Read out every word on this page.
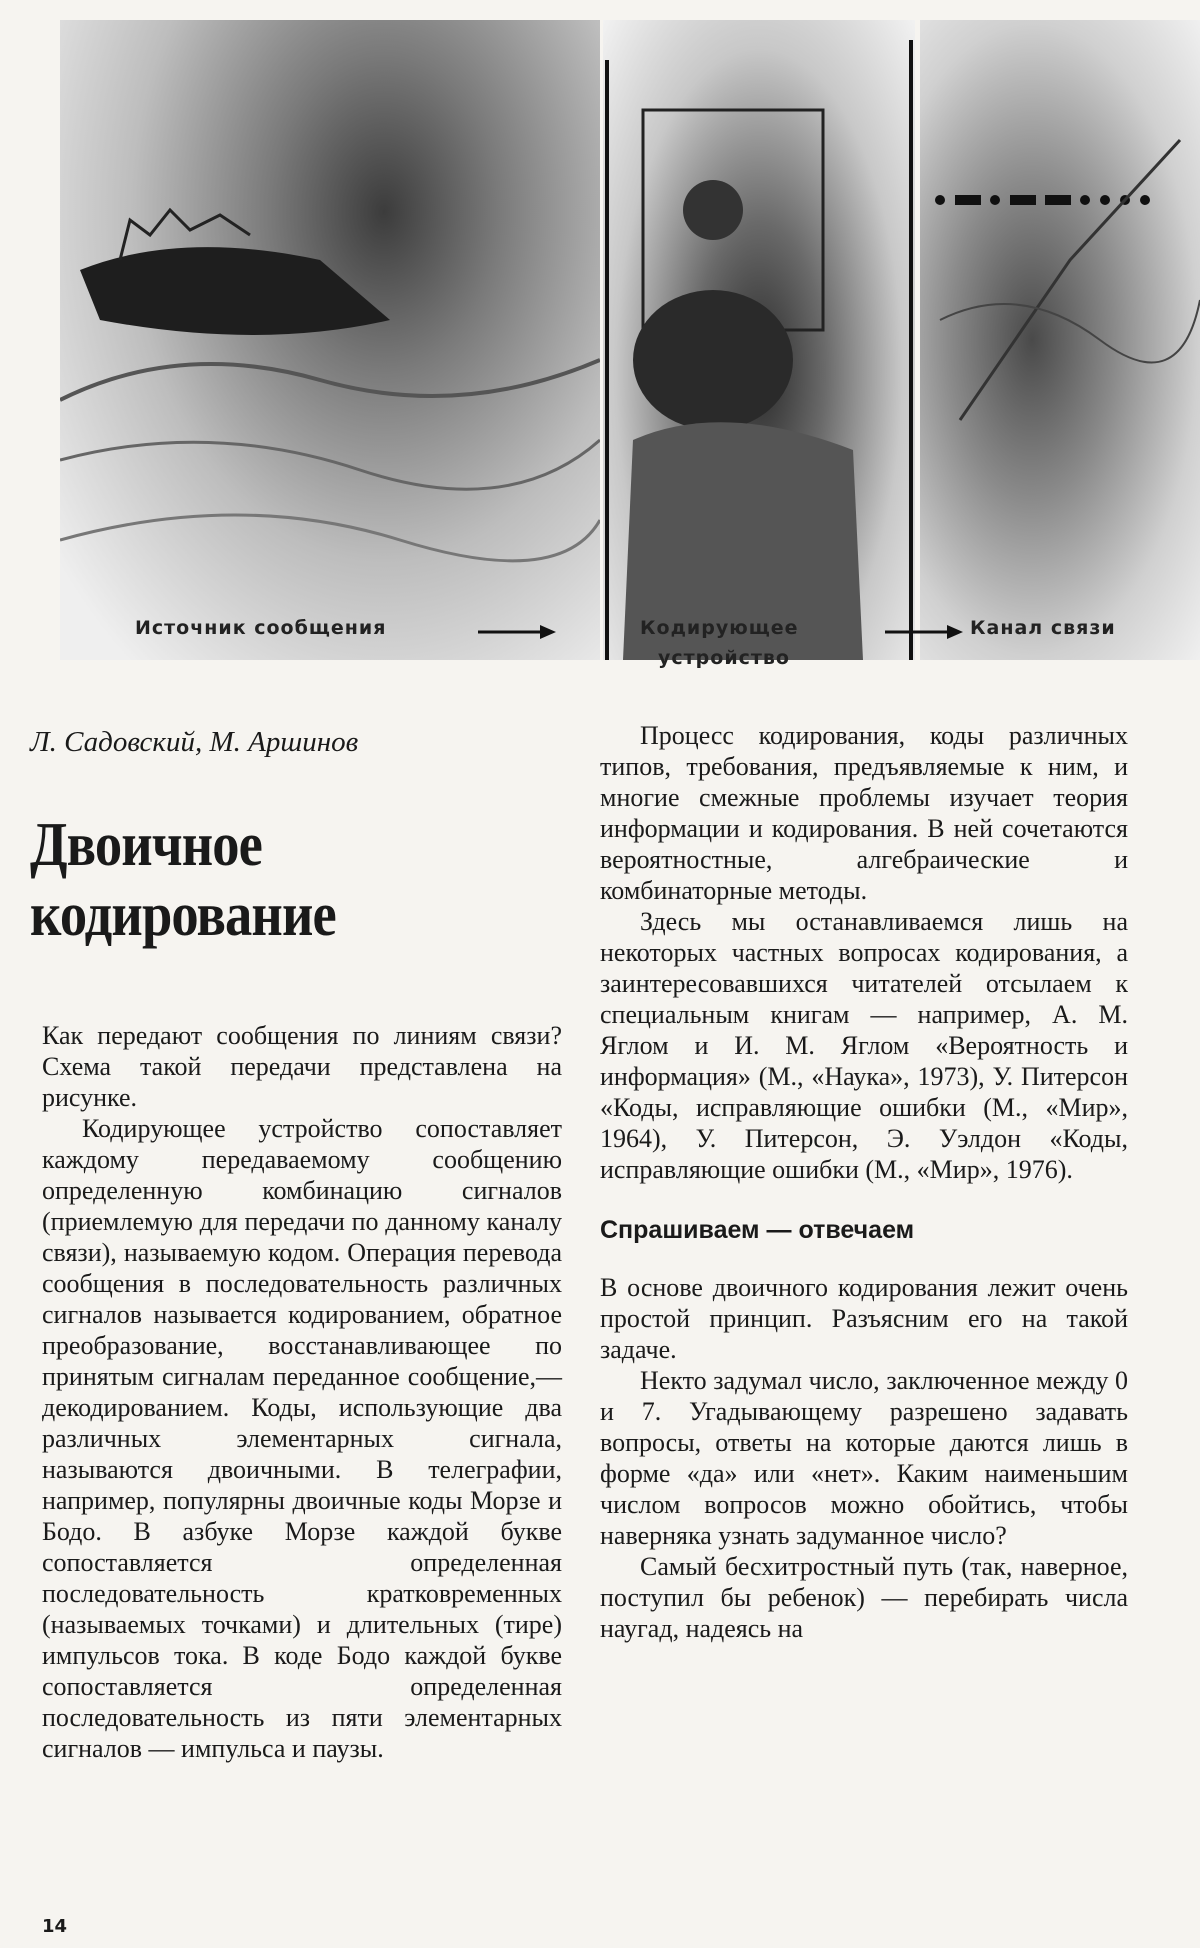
Источник сообщения	Кодирующее
устройство
Канал связи
Л. Садовский, М. Аршинов
Двоичное
кодирование

Как передают сообщения по линиям связи? Схема такой передачи представлена на рисунке.

Кодирующее устройство сопоставляет каждому передаваемому сообщению определенную комбинацию сигналов (приемлемую для передачи по данному каналу связи), называемую кодом. Операция перевода сообщения в последовательность различных сигналов называется кодированием, обратное преобразование, восстанавливающее по принятым сигналам переданное сообщение,— декодированием. Коды, использующие два различных элементарных сигнала, называются двоичными. В телеграфии, например, популярны двоичные коды Морзе и Бодо. В азбуке Морзе каждой букве сопоставляется определенная последовательность кратковременных (называемых точками) и длительных (тире) импульсов тока. В коде Бодо каждой букве сопоставляется определенная последовательность из пяти элементарных сигналов — импульса и паузы.

Процесс кодирования, коды различных типов, требования, предъявляемые к ним, и многие смежные проблемы изучает теория информации и кодирования. В ней сочетаются вероятностные, алгебраические и комбинаторные методы.

Здесь мы останавливаемся лишь на некоторых частных вопросах кодирования, а заинтересовавшихся читателей отсылаем к специальным книгам — например, А. М. Яглом и И. М. Яглом «Вероятность и информация» (М., «Наука», 1973), У. Питерсон «Коды, исправляющие ошибки (М., «Мир», 1964), У. Питерсон, Э. Уэлдон «Коды, исправляющие ошибки (М., «Мир», 1976).

Спрашиваем — отвечаем

В основе двоичного кодирования лежит очень простой принцип. Разъясним его на такой задаче.

Некто задумал число, заключенное между 0 и 7. Угадывающему разрешено задавать вопросы, ответы на которые даются лишь в форме «да» или «нет». Каким наименьшим числом вопросов можно обойтись, чтобы наверняка узнать задуманное число?

Самый бесхитростный путь (так, наверное, поступил бы ребенок) — перебирать числа наугад, надеясь на

14
